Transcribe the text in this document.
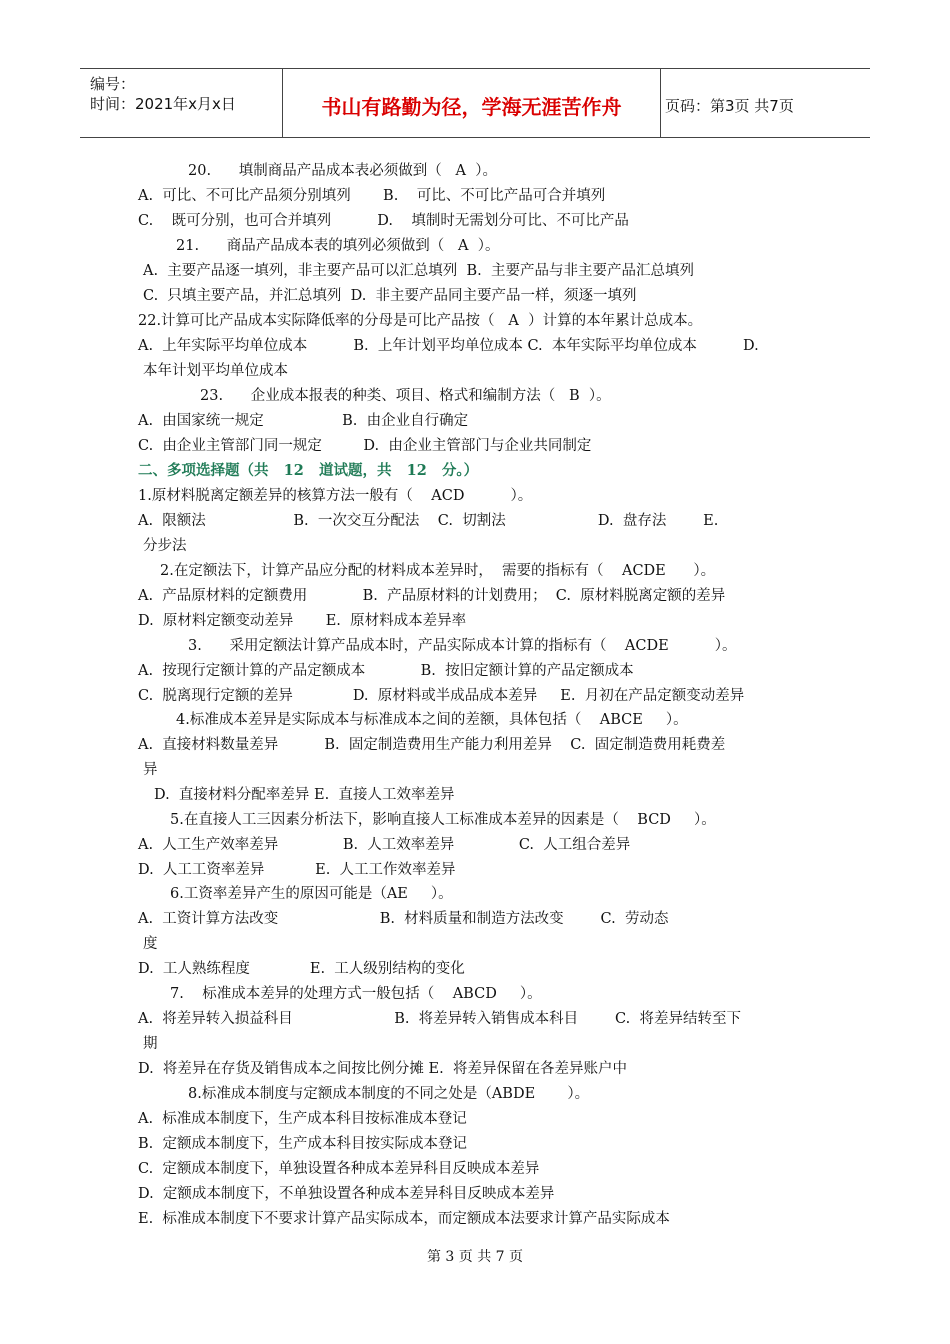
编号：
时间：2021年x月x日	书山有路勤为径，学海无涯苦作舟	页码：第3页 共7页
20.      填制商品产品成本表必须做到（   A  ）。
A.  可比、不可比产品须分别填列       B.    可比、不可比产品可合并填列
C.    既可分别，也可合并填列          D.    填制时无需划分可比、不可比产品
21.      商品产品成本表的填列必须做到（   A  ）。
A.  主要产品逐一填列，非主要产品可以汇总填列  B.  主要产品与非主要产品汇总填列
C.  只填主要产品，并汇总填列  D.  非主要产品同主要产品一样，须逐一填列
22.计算可比产品成本实际降低率的分母是可比产品按（   A  ）计算的本年累计总成本。
A.  上年实际平均单位成本          B.  上年计划平均单位成本 C.  本年实际平均单位成本          D.
本年计划平均单位成本
23.      企业成本报表的种类、项目、格式和编制方法（   B  ）。
A.  由国家统一规定                 B.  由企业自行确定
C.  由企业主管部门同一规定         D.  由企业主管部门与企业共同制定
二、多项选择题（共   12   道试题，共   12   分。）
1.原材料脱离定额差异的核算方法一般有（    ACD          ）。
A.  限额法                   B.  一次交互分配法    C.  切割法                    D.  盘存法        E.
分步法
2.在定额法下，计算产品应分配的材料成本差异时，  需要的指标有（    ACDE      ）。
A.  产品原材料的定额费用            B.  产品原材料的计划费用；  C.  原材料脱离定额的差异
D.  原材料定额变动差异       E.  原材料成本差异率
3.      采用定额法计算产品成本时，产品实际成本计算的指标有（    ACDE          ）。
A.  按现行定额计算的产品定额成本            B.  按旧定额计算的产品定额成本
C.  脱离现行定额的差异             D.  原材料或半成品成本差异     E.  月初在产品定额变动差异
4.标准成本差异是实际成本与标准成本之间的差额，具体包括（    ABCE     ）。
A.  直接材料数量差异          B.  固定制造费用生产能力利用差异    C.  固定制造费用耗费差
异
D.  直接材料分配率差异 E.  直接人工效率差异
5.在直接人工三因素分析法下，影响直接人工标准成本差异的因素是（    BCD     ）。
A.  人工生产效率差异              B.  人工效率差异              C.  人工组合差异
D.  人工工资率差异           E.  人工工作效率差异
6.工资率差异产生的原因可能是（AE     ）。
A.  工资计算方法改变                      B.  材料质量和制造方法改变        C.  劳动态
度
D.  工人熟练程度             E.  工人级别结构的变化
7.    标准成本差异的处理方式一般包括（    ABCD     ）。
A.  将差异转入损益科目                      B.  将差异转入销售成本科目        C.  将差异结转至下
期
D.  将差异在存货及销售成本之间按比例分摊 E.  将差异保留在各差异账户中
8.标准成本制度与定额成本制度的不同之处是（ABDE       ）。
A.  标准成本制度下，生产成本科目按标准成本登记
B.  定额成本制度下，生产成本科目按实际成本登记
C.  定额成本制度下，单独设置各种成本差异科目反映成本差异
D.  定额成本制度下，不单独设置各种成本差异科目反映成本差异
E.  标准成本制度下不要求计算产品实际成本，而定额成本法要求计算产品实际成本
第 3 页 共 7 页
